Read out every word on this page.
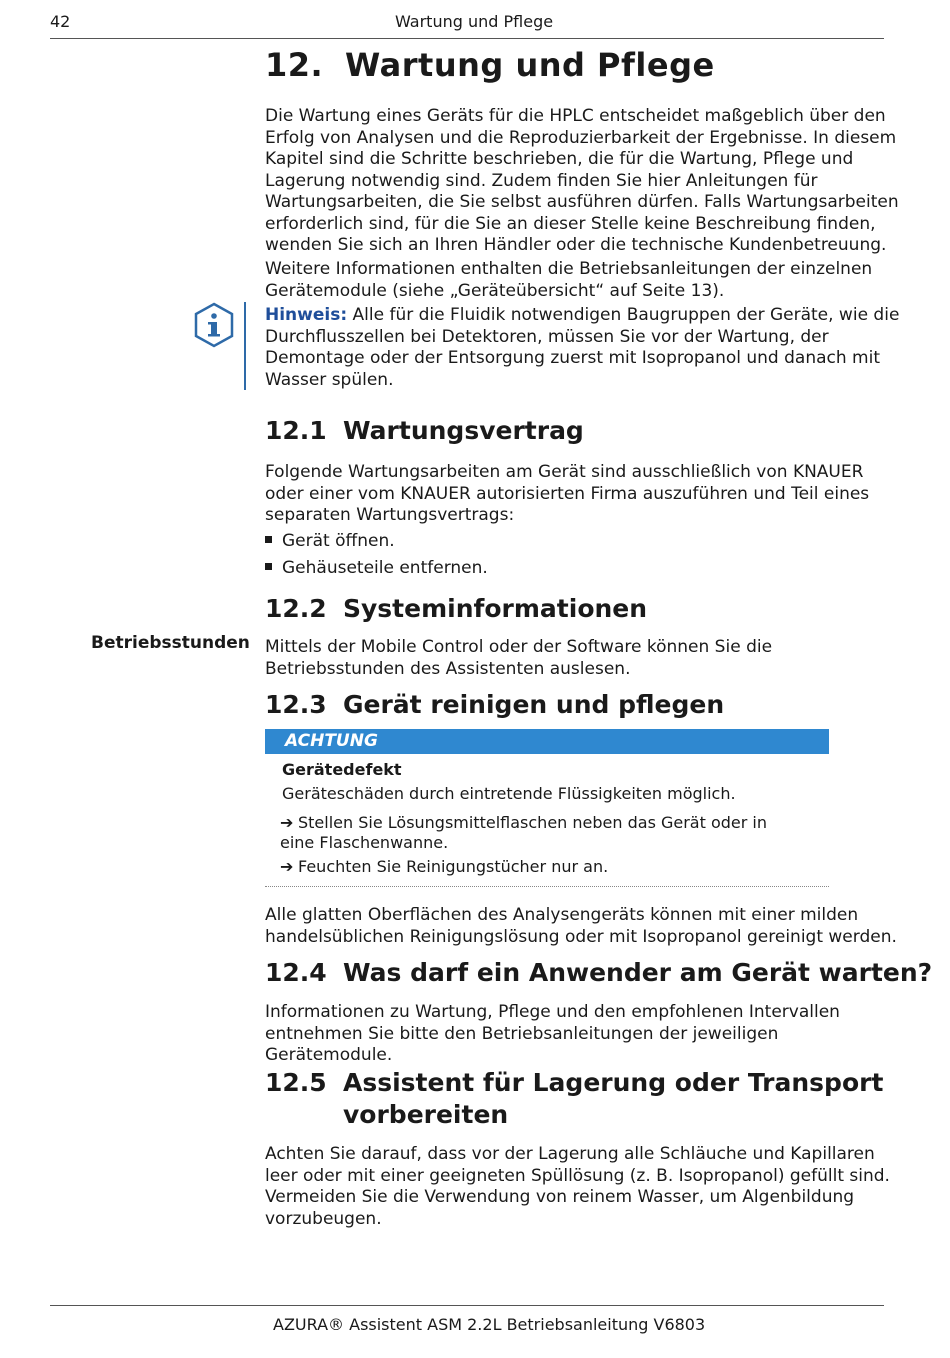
42	Wartung und Pflege
12. Wartung und Pflege

Die Wartung eines Geräts für die HPLC entscheidet maßgeblich über den Erfolg von Analysen und die Reproduzierbarkeit der Ergebnisse. In diesem Kapitel sind die Schritte beschrieben, die für die Wartung, Pflege und Lagerung notwendig sind. Zudem finden Sie hier Anleitungen für Wartungsarbeiten, die Sie selbst ausführen dürfen. Falls Wartungsarbeiten erforderlich sind, für die Sie an dieser Stelle keine Beschreibung finden, wenden Sie sich an Ihren Händler oder die technische Kundenbetreuung.

Weitere Informationen enthalten die Betriebsanleitungen der einzelnen Gerätemodule (siehe „Geräteübersicht“ auf Seite 13).

Hinweis: Alle für die Fluidik notwendigen Baugruppen der Geräte, wie die Durchflusszellen bei Detektoren, müssen Sie vor der Wartung, der Demontage oder der Entsorgung zuerst mit Isopropanol und danach mit Wasser spülen.

12.1 Wartungsvertrag

Folgende Wartungsarbeiten am Gerät sind ausschließlich von KNAUER oder einer vom KNAUER autorisierten Firma auszuführen und Teil eines separaten Wartungsvertrags:

Gerät öffnen.
Gehäuseteile entfernen.
12.2 Systeminformationen
Betriebsstunden Mittels der Mobile Control oder der Software können Sie die Betriebsstunden des Assistenten auslesen.

12.3 Gerät reinigen und pflegen
ACHTUNG
Gerätedefekt
Geräteschäden durch eintretende Flüssigkeiten möglich.
➔ Stellen Sie Lösungsmittelflaschen neben das Gerät oder in eine Flaschenwanne.
➔ Feuchten Sie Reinigungstücher nur an.

Alle glatten Oberflächen des Analysengeräts können mit einer milden handelsüblichen Reinigungslösung oder mit Isopropanol gereinigt werden.

12.4 Was darf ein Anwender am Gerät warten?

Informationen zu Wartung, Pflege und den empfohlenen Intervallen entnehmen Sie bitte den Betriebsanleitungen der jeweiligen Gerätemodule.

12.5 Assistent für Lagerung oder Transport
vorbereiten

Achten Sie darauf, dass vor der Lagerung alle Schläuche und Kapillaren leer oder mit einer geeigneten Spüllösung (z. B. Isopropanol) gefüllt sind. Vermeiden Sie die Verwendung von reinem Wasser, um Algenbildung vorzubeugen.

AZURA® Assistent ASM 2.2L Betriebsanleitung V6803
